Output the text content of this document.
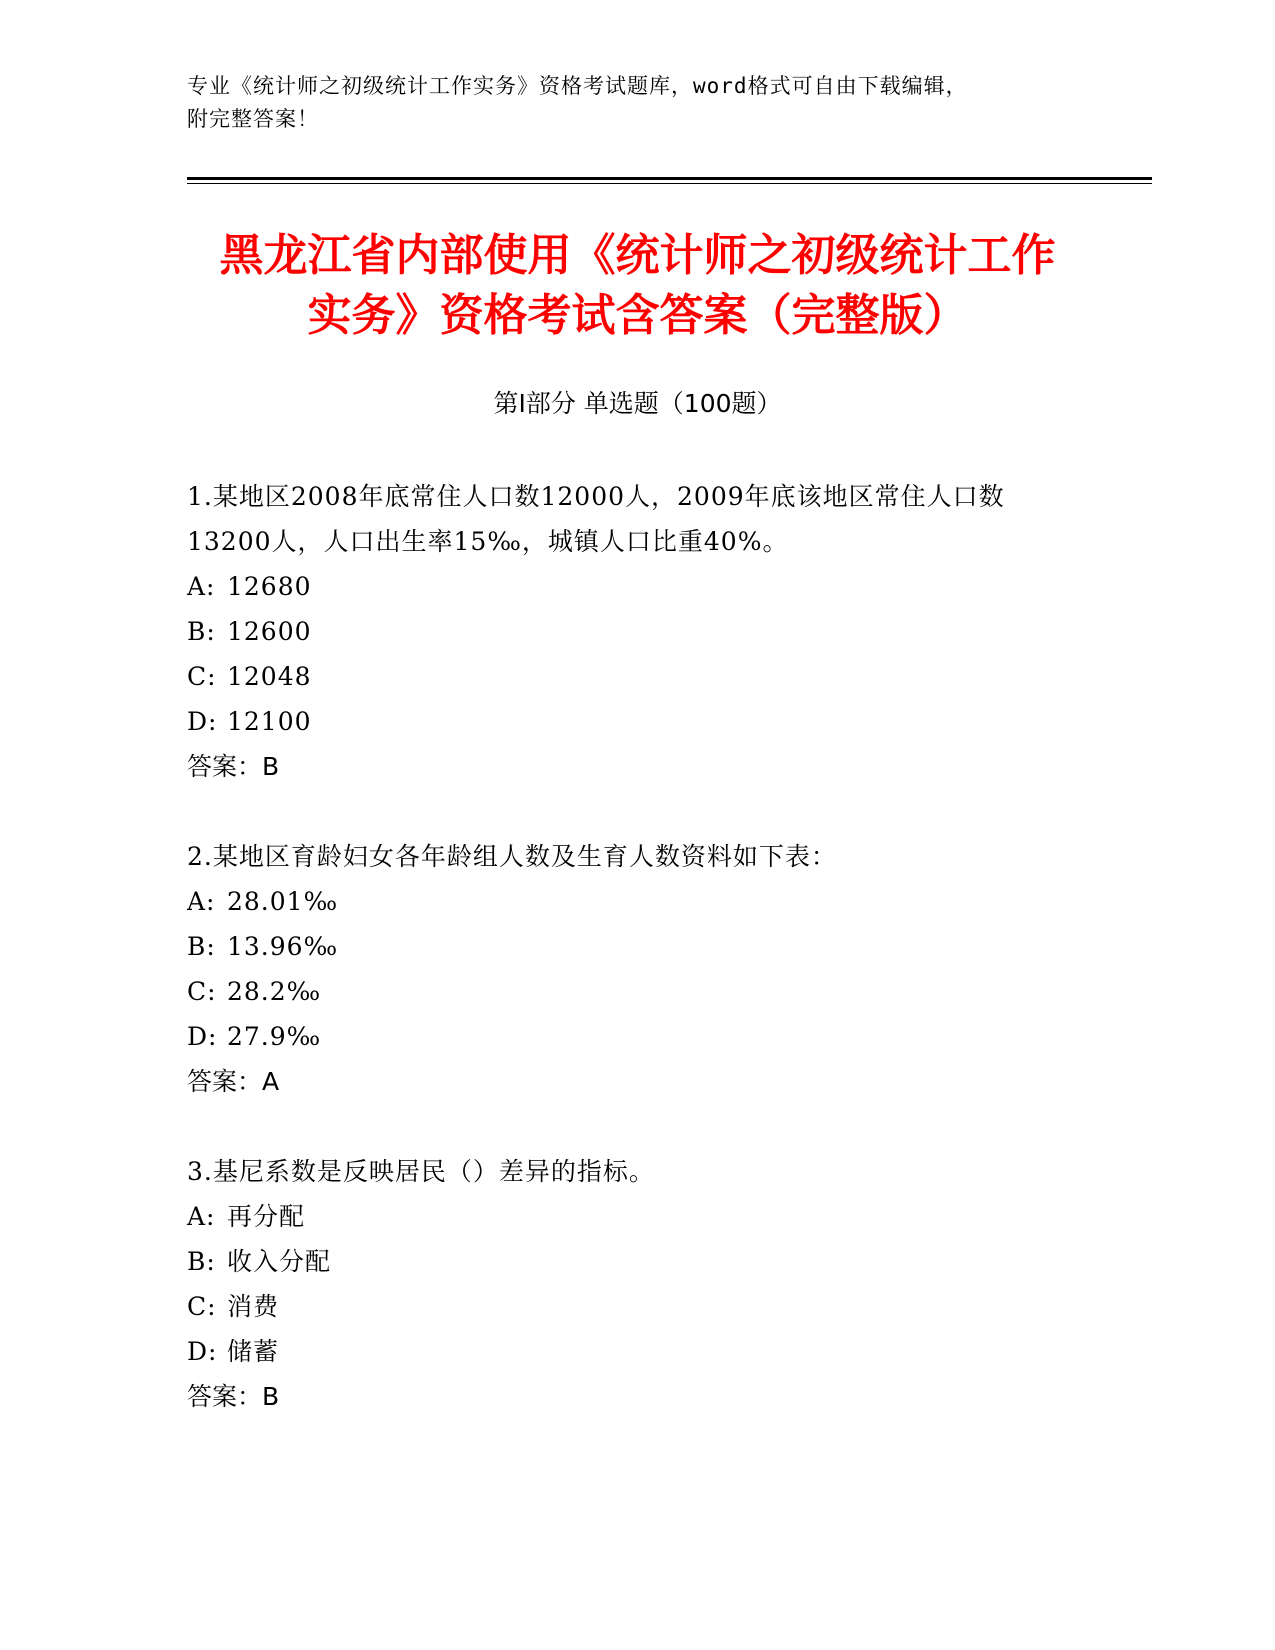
专业《统计师之初级统计工作实务》资格考试题库，word格式可自由下载编辑，
附完整答案！
黑龙江省内部使用《统计师之初级统计工作
实务》资格考试含答案（完整版）
第Ⅰ部分 单选题（100题）

1.某地区2008年底常住人口数12000人，2009年底该地区常住人口数13200人，人口出生率15‰，城镇人口比重40%。

A: 12680
B: 12600
C: 12048
D: 12100

答案：B

2.某地区育龄妇女各年龄组人数及生育人数资料如下表：

A: 28.01‰
B: 13.96‰
C: 28.2‰
D: 27.9‰

答案：A

3.基尼系数是反映居民（）差异的指标。

A: 再分配
B: 收入分配
C: 消费
D: 储蓄

答案：B
